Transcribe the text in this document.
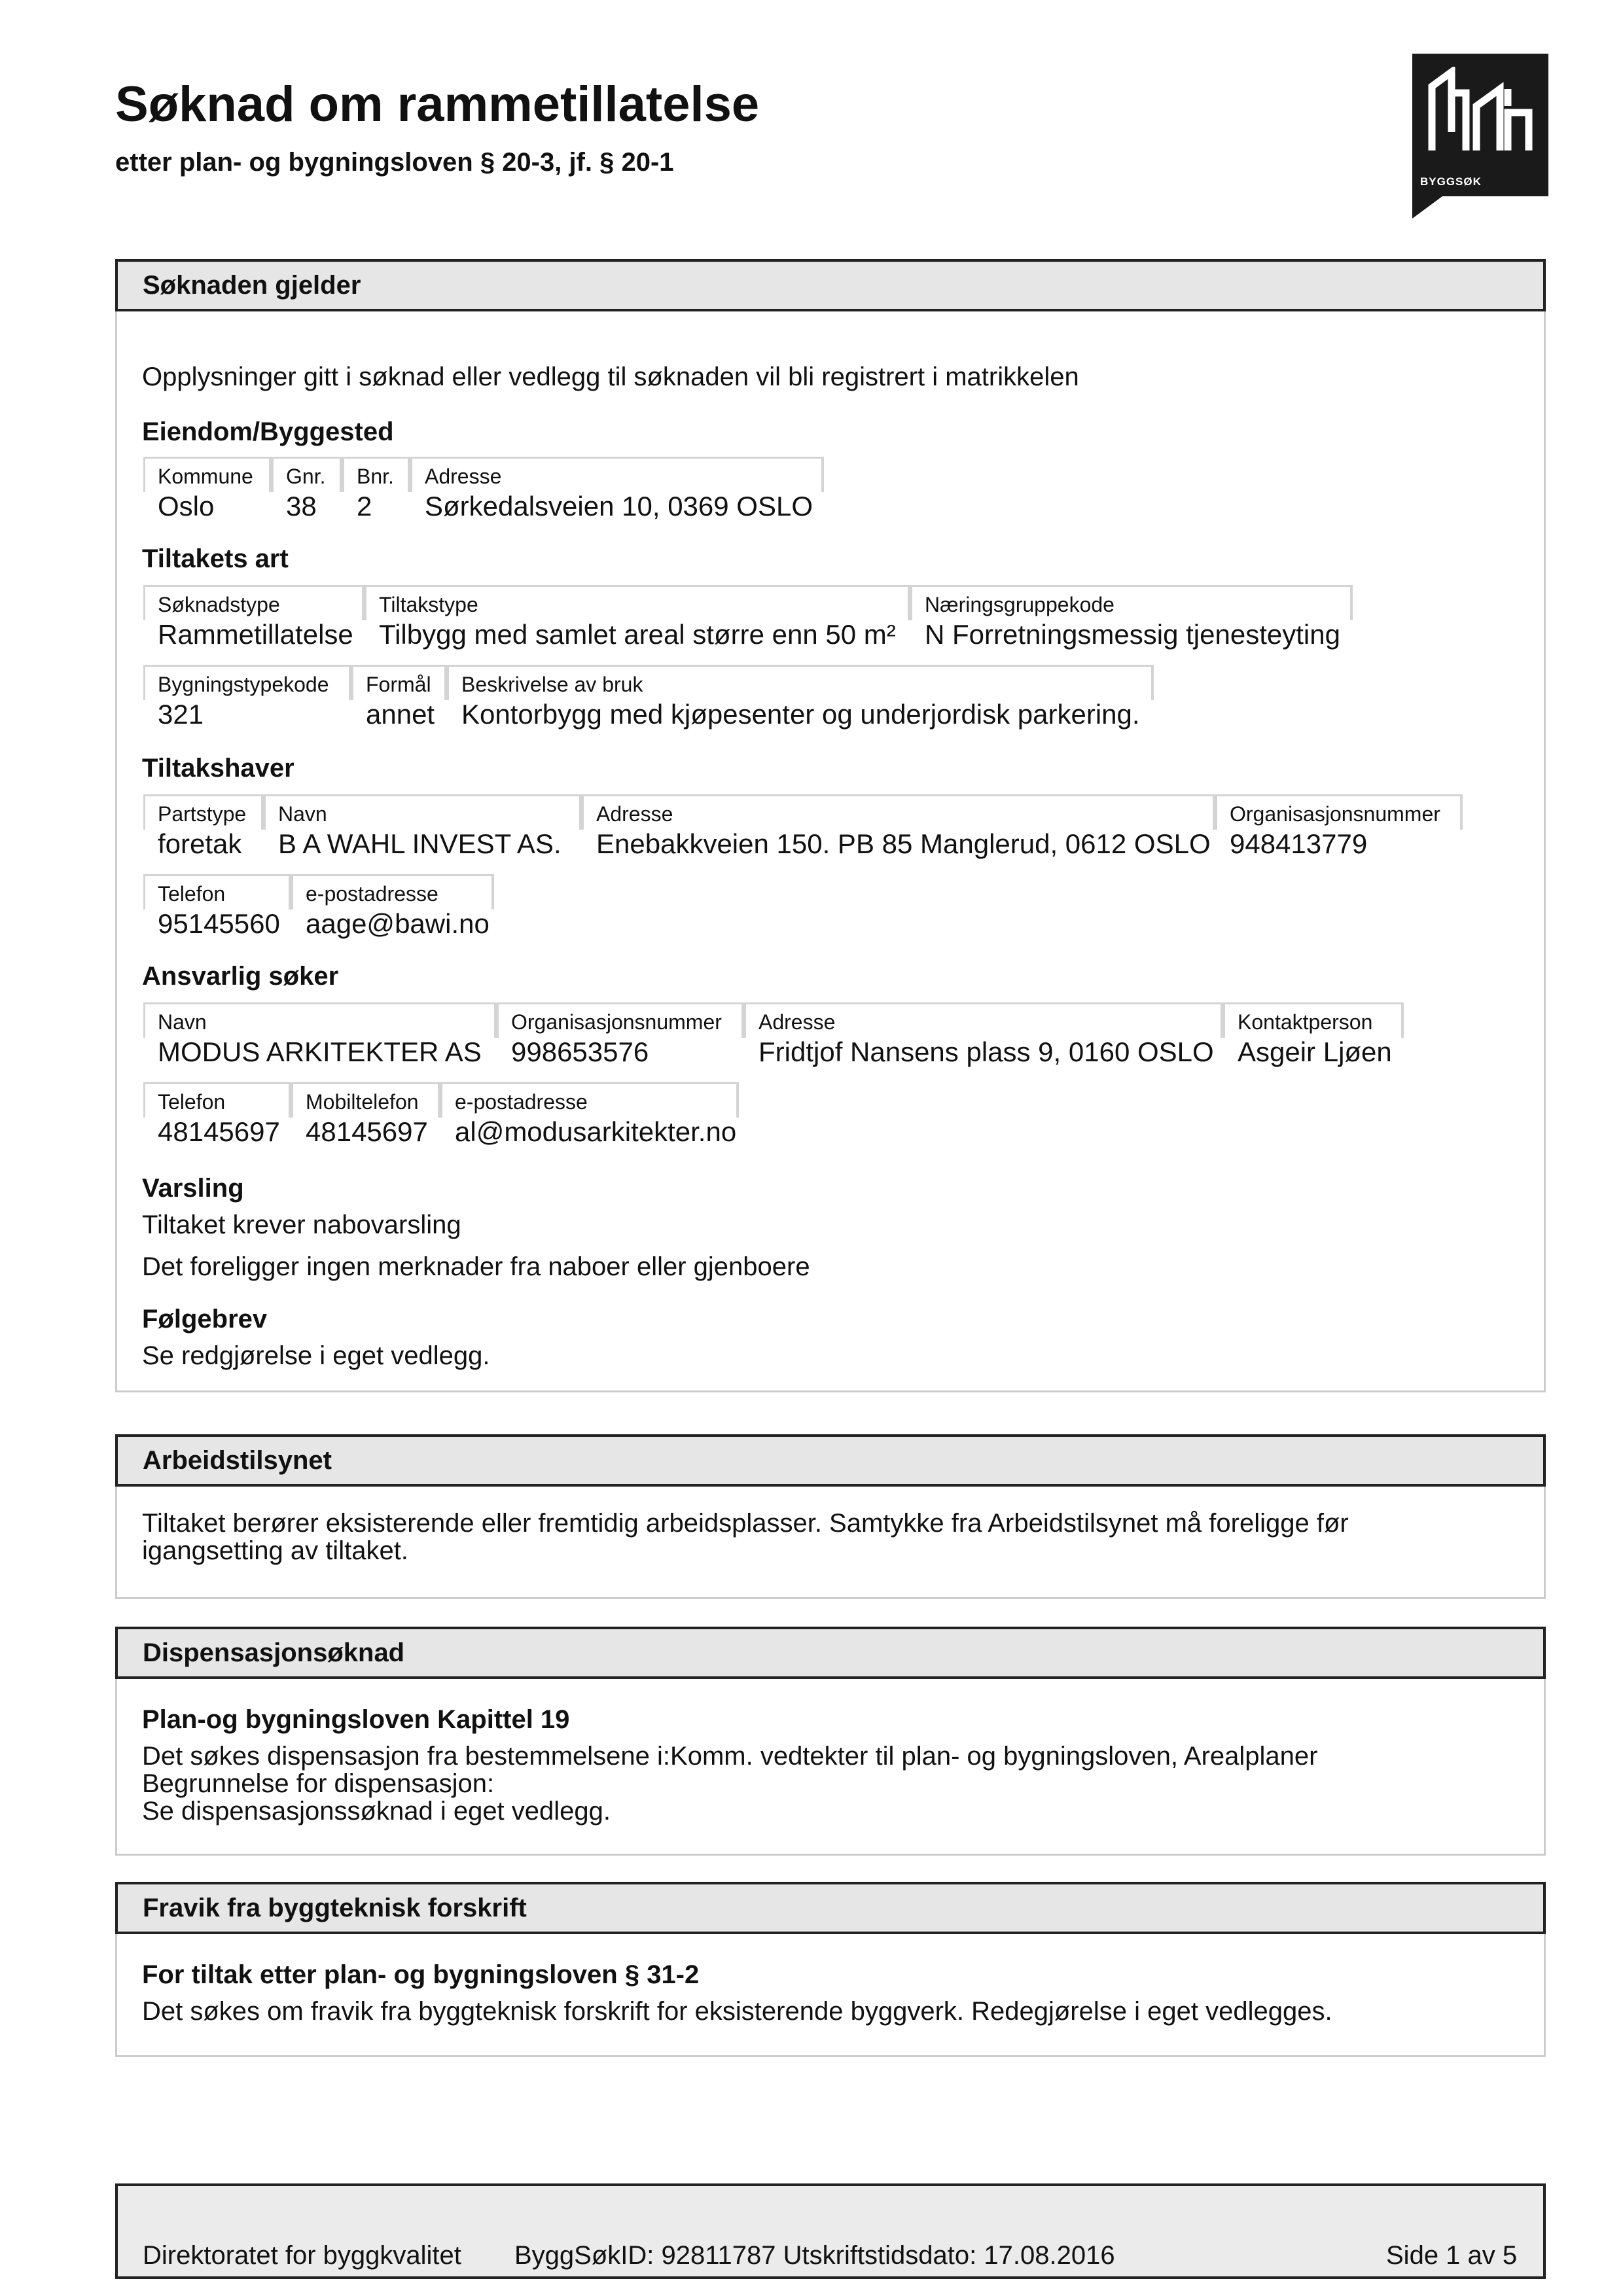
Søknad om rammetillatelse

etter plan- og bygningsloven § 20-3, jf. § 20-1

BYGGSØK
Søknaden gjelder

Opplysninger gitt i søknad eller vedlegg til søknaden vil bli registrert i matrikkelen

Eiendom/Byggested

Kommune
Oslo
Gnr.
38
Bnr.
2
Adresse
Sørkedalsveien 10, 0369 OSLO

Tiltakets art

Søknadstype
Rammetillatelse
Tiltakstype
Tilbygg med samlet areal større enn 50 m²
Næringsgruppekode
N Forretningsmessig tjenesteyting
Bygningstypekode
321
Formål
annet
Beskrivelse av bruk
Kontorbygg med kjøpesenter og underjordisk parkering.

Tiltakshaver

Partstype
foretak
Navn
B A WAHL INVEST AS.
Adresse
Enebakkveien 150. PB 85 Manglerud, 0612 OSLO
Organisasjonsnummer
948413779
Telefon
95145560
e-postadresse
aage@bawi.no

Ansvarlig søker

Navn
MODUS ARKITEKTER AS
Organisasjonsnummer
998653576
Adresse
Fridtjof Nansens plass 9, 0160 OSLO
Kontaktperson
Asgeir Ljøen
Telefon
48145697
Mobiltelefon
48145697
e-postadresse
al@modusarkitekter.no

Varsling

Tiltaket krever nabovarsling

Det foreligger ingen merknader fra naboer eller gjenboere

Følgebrev

Se redgjørelse i eget vedlegg.

Arbeidstilsynet

Tiltaket berører eksisterende eller fremtidig arbeidsplasser. Samtykke fra Arbeidstilsynet må foreligge før

igangsetting av tiltaket.

Dispensasjonsøknad

Plan-og bygningsloven Kapittel 19

Det søkes dispensasjon fra bestemmelsene i:Komm. vedtekter til plan- og bygningsloven, Arealplaner

Begrunnelse for dispensasjon:

Se dispensasjonssøknad i eget vedlegg.

Fravik fra byggteknisk forskrift

For tiltak etter plan- og bygningsloven § 31-2

Det søkes om fravik fra byggteknisk forskrift for eksisterende byggverk. Redegjørelse i eget vedlegges.

Direktoratet for byggkvalitet ByggSøkID: 92811787 Utskriftstidsdato: 17.08.2016	Side 1 av 5
